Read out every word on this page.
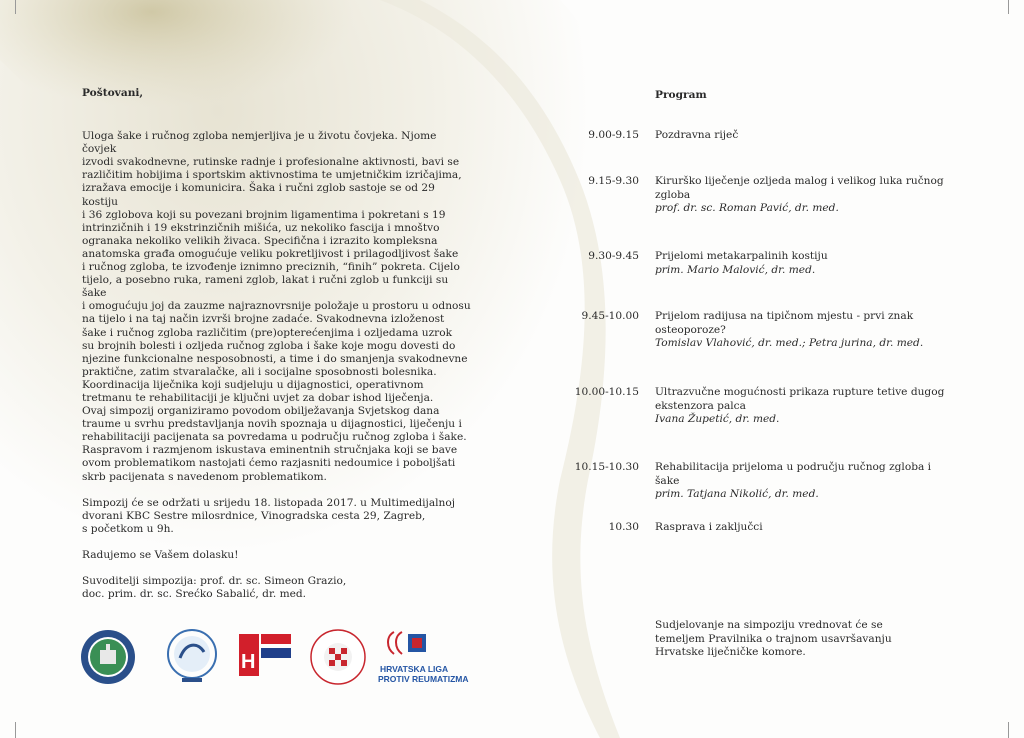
Poštovani,

Uloga šake i ručnog zgloba nemjerljiva je u životu čovjeka. Njome čovjek
izvodi svakodnevne, rutinske radnje i profesionalne aktivnosti, bavi se
različitim hobijima i sportskim aktivnostima te umjetničkim izričajima,
izražava emocije i komunicira. Šaka i ručni zglob sastoje se od 29 kostiju
i 36 zglobova koji su povezani brojnim ligamentima i pokretani s 19
intrinzičnih i 19 ekstrinzičnih mišića, uz nekoliko fascija i mnoštvo
ogranaka nekoliko velikih živaca. Specifična i izrazito kompleksna
anatomska građa omogućuje veliku pokretljivost i prilagodljivost šake
i ručnog zgloba, te izvođenje iznimno preciznih, “finih” pokreta. Cijelo
tijelo, a posebno ruka, rameni zglob, lakat i ručni zglob u funkciji su šake
i omogućuju joj da zauzme najraznovrsnije položaje u prostoru u odnosu
na tijelo i na taj način izvrši brojne zadaće. Svakodnevna izloženost
šake i ručnog zgloba različitim (pre)opterećenjima i ozljedama uzrok
su brojnih bolesti i ozljeda ručnog zgloba i šake koje mogu dovesti do
njezine funkcionalne nesposobnosti, a time i do smanjenja svakodnevne
praktične, zatim stvaralačke, ali i socijalne sposobnosti bolesnika.
Koordinacija liječnika koji sudjeluju u dijagnostici, operativnom
tretmanu te rehabilitaciji je ključni uvjet za dobar ishod liječenja.
Ovaj simpozij organiziramo povodom obilježavanja Svjetskog dana
traume u svrhu predstavljanja novih spoznaja u dijagnostici, liječenju i
rehabilitaciji pacijenata sa povredama u području ručnog zgloba i šake.
Raspravom i razmjenom iskustava eminentnih stručnjaka koji se bave
ovom problematikom nastojati ćemo razjasniti nedoumice i poboljšati
skrb pacijenata s navedenom problematikom.

Simpozij će se održati u srijedu 18. listopada 2017. u Multimedijalnoj
dvorani KBC Sestre milosrdnice, Vinogradska cesta 29, Zagreb,
s početkom u 9h.

Radujemo se Vašem dolasku!

Suvoditelji simpozija: prof. dr. sc. Simeon Grazio,
doc. prim. dr. sc. Srećko Sabalić, dr. med.

H	HRVATSKA LIGA
PROTIV REUMATIZMA
Program
9.00-9.15 Pozdravna riječ
9.15-9.30 Kirurško liječenje ozljeda malog i velikog luka ručnog
zgloba
prof. dr. sc. Roman Pavić, dr. med.
9.30-9.45 Prijelomi metakarpalinih kostiju
prim. Mario Malović, dr. med.
9.45-10.00 Prijelom radijusa na tipičnom mjestu - prvi znak
osteoporoze?
Tomislav Vlahović, dr. med.; Petra jurina, dr. med.
10.00-10.15 Ultrazvučne mogućnosti prikaza rupture tetive dugog
ekstenzora palca
Ivana Župetić, dr. med.
10.15-10.30 Rehabilitacija prijeloma u području ručnog zgloba i šake
prim. Tatjana Nikolić, dr. med.
10.30 Rasprava i zaključci
Sudjelovanje na simpoziju vrednovat će se
temeljem Pravilnika o trajnom usavršavanju
Hrvatske liječničke komore.
